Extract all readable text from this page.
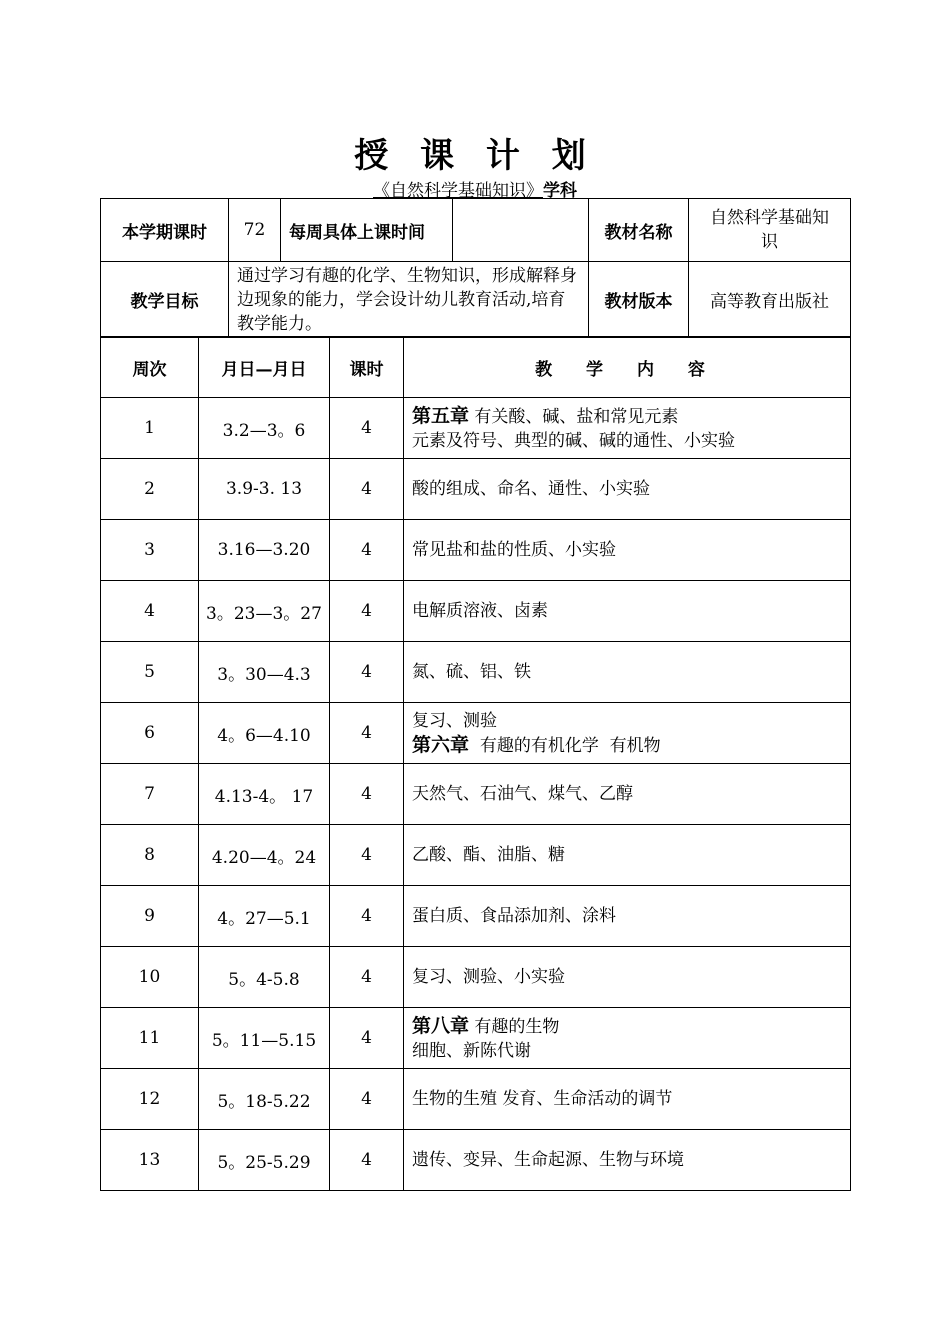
授 课 计 划
《自然科学基础知识》学科
本学期课时	72	每周具体上课时间		教材名称	自然科学基础知识
教学目标	通过学习有趣的化学、生物知识，形成解释身边现象的能力，学会设计幼儿教育活动,培育教学能力。			教材版本	高等教育出版社
周次	月日—月日	课时	教 学 内 容
1	3.2—3。6	4	第五章 有关酸、碱、盐和常见元素
元素及符号、典型的碱、碱的通性、小实验

2	3.9-3. 13	4	酸的组成、命名、通性、小实验

3	3.16—3.20	4	常见盐和盐的性质、小实验

4	3。23—3。27	4	电解质溶液、卤素

5	3。30—4.3	4	氮、硫、铝、铁

6	4。6—4.10	4	复习、测验
第六章  有趣的有机化学  有机物

7	4.13-4。 17	4	天然气、石油气、煤气、乙醇

8	4.20—4。24	4	乙酸、酯、油脂、糖

9	4。27—5.1	4	蛋白质、食品添加剂、涂料

10	5。4-5.8	4	复习、测验、小实验

11	5。11—5.15	4	第八章 有趣的生物
细胞、新陈代谢

12	5。18-5.22	4	生物的生殖 发育、生命活动的调节

13	5。25-5.29	4	遗传、变异、生命起源、生物与环境
